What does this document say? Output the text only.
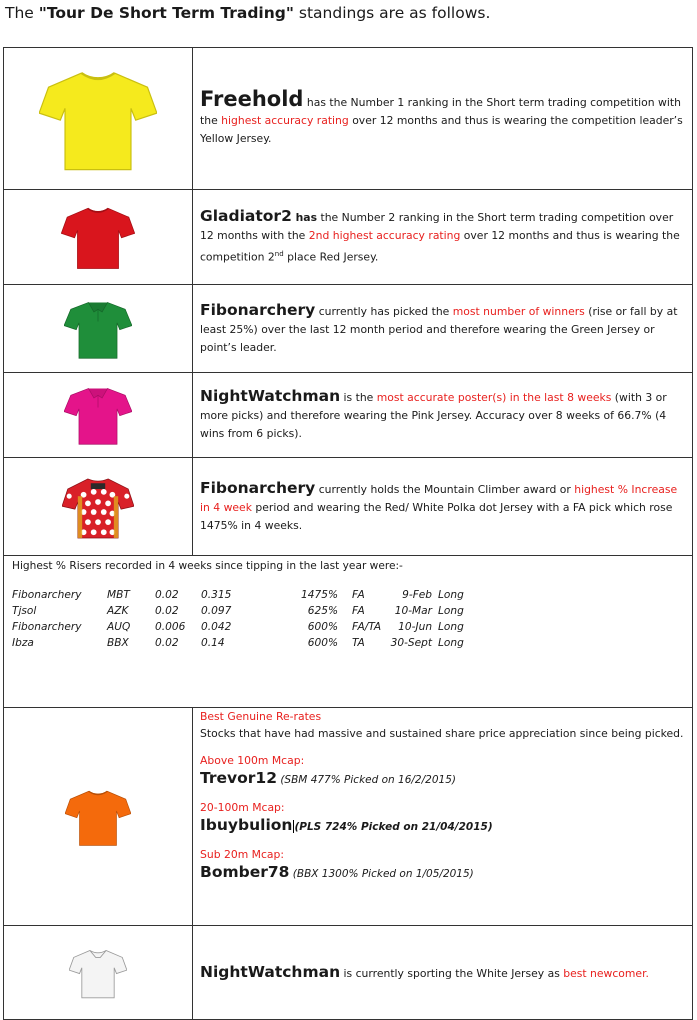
The "Tour De Short Term Trading" standings are as follows.
Freehold has the Number 1 ranking in the Short term trading competition with the highest accuracy rating over 12 months and thus is wearing the competition leader’s Yellow Jersey.
Gladiator2 has the Number 2 ranking in the Short term trading competition over 12 months with the 2nd highest accuracy rating over 12 months and thus is wearing the competition 2nd place Red Jersey.
Fibonarchery currently has picked the most number of winners (rise or fall by at least 25%) over the last 12 month period and therefore wearing the Green Jersey or point’s leader.
NightWatchman is the most accurate poster(s) in the last 8 weeks (with 3 or more picks) and therefore wearing the Pink Jersey. Accuracy over 8 weeks of 66.7% (4 wins from 6 picks).
Fibonarchery currently holds the Mountain Climber award or highest % Increase in 4 week period and wearing the Red/ White Polka dot Jersey with a FA pick which rose 1475% in 4 weeks.
Highest % Risers recorded in 4 weeks since tipping in the last year were:-
Fibonarchery	MBT	0.02	0.315	1475%	FA	9-Feb	Long
Tjsol	AZK	0.02	0.097	625%	FA	10-Mar	Long
Fibonarchery	AUQ	0.006	0.042	600%	FA/TA	10-Jun	Long
Ibza	BBX	0.02	0.14	600%	TA	30-Sept	Long
Best Genuine Re-rates
Stocks that have had massive and sustained share price appreciation since being picked.
Above 100m Mcap:
Trevor12 (SBM 477% Picked on 16/2/2015)
20-100m Mcap:
Ibuybulion (PLS 724% Picked on 21/04/2015)
Sub 20m Mcap:
Bomber78 (BBX 1300% Picked on 1/05/2015)
NightWatchman is currently sporting the White Jersey as best newcomer.
